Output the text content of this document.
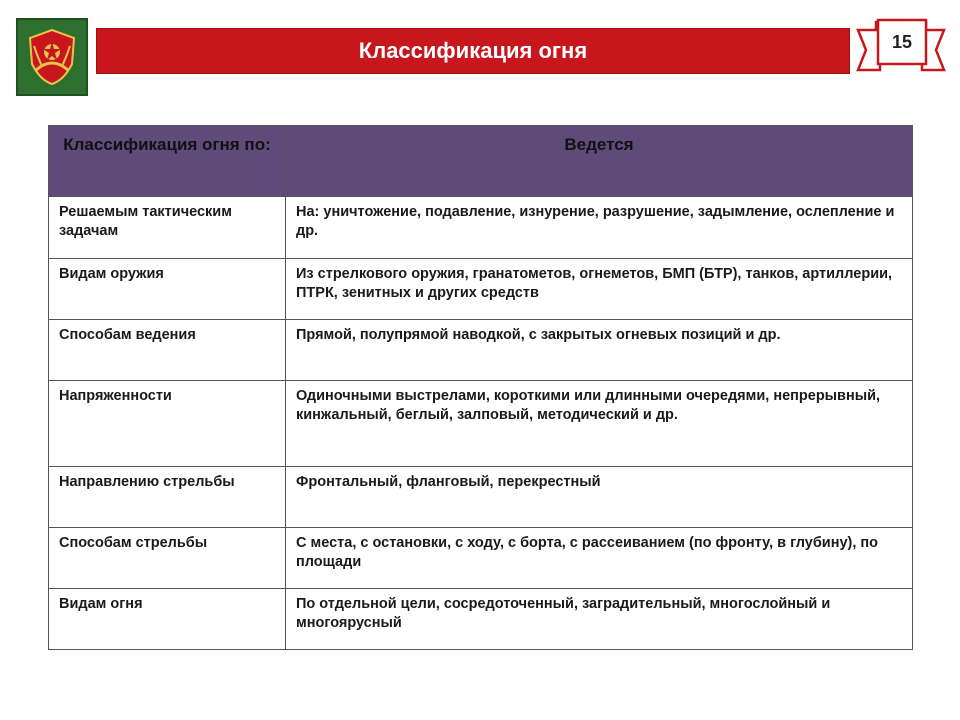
Классификация огня	15
Классификация огня по:	Ведется
Решаемым тактическим задачам	На: уничтожение, подавление, изнурение, разрушение, задымление, ослепление и др.
Видам оружия	Из стрелкового оружия, гранатометов, огнеметов, БМП (БТР), танков, артиллерии, ПТРК, зенитных и других средств
Способам ведения	Прямой, полупрямой наводкой, с закрытых огневых позиций и др.
Напряженности	Одиночными выстрелами, короткими или длинными очередями, непрерывный, кинжальный, беглый, залповый, методический и др.
Направлению стрельбы	Фронтальный, фланговый, перекрестный
Способам стрельбы	С места, с остановки, с ходу, с борта, с рассеиванием (по фронту, в глубину), по площади
Видам огня	По отдельной цели, сосредоточенный, заградительный, многослойный и многоярусный
